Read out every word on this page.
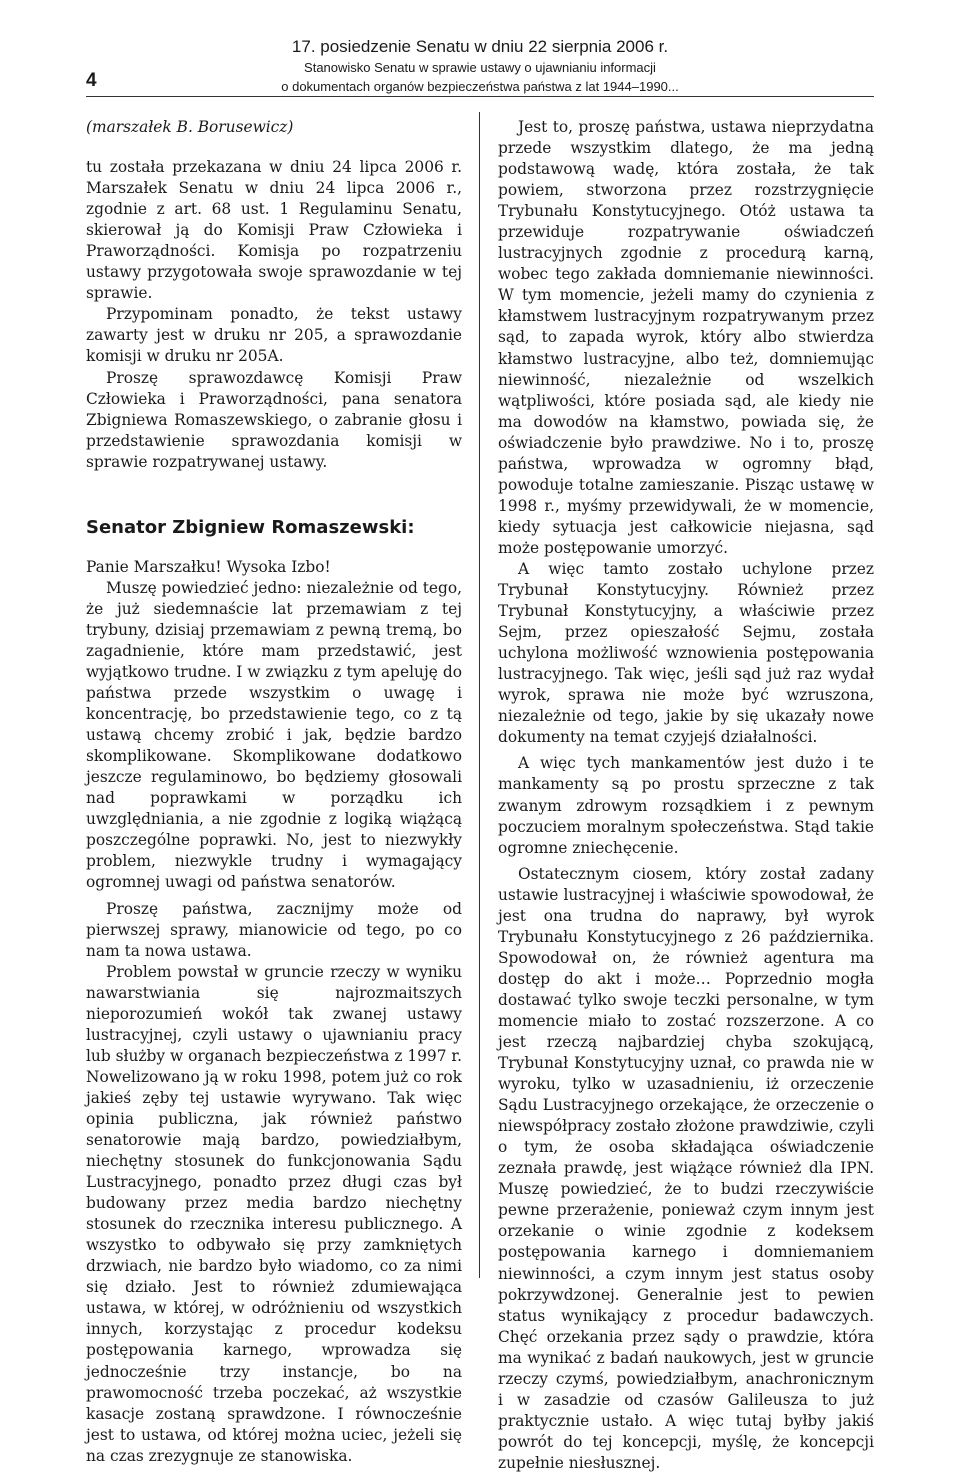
4
17. posiedzenie Senatu w dniu 22 sierpnia 2006 r.
Stanowisko Senatu w sprawie ustawy o ujawnianiu informacji
o dokumentach organów bezpieczeństwa państwa z lat 1944–1990...

(marszałek B. Borusewicz)

tu została przekazana w dniu 24 lipca 2006 r. Marszałek Senatu w dniu 24 lipca 2006 r., zgodnie z art. 68 ust. 1 Regulaminu Senatu, skierował ją do Komisji Praw Człowieka i Praworządności. Komisja po rozpatrzeniu ustawy przygotowała swoje sprawozdanie w tej sprawie.

Przypominam ponadto, że tekst ustawy zawarty jest w druku nr 205, a sprawozdanie komisji w druku nr 205A.

Proszę sprawozdawcę Komisji Praw Człowieka i Praworządności, pana senatora Zbigniewa Romaszewskiego, o zabranie głosu i przedstawienie sprawozdania komisji w sprawie rozpatrywanej ustawy.

Senator Zbigniew Romaszewski:

Panie Marszałku! Wysoka Izbo!

Muszę powiedzieć jedno: niezależnie od tego, że już siedemnaście lat przemawiam z tej trybuny, dzisiaj przemawiam z pewną tremą, bo zagadnienie, które mam przedstawić, jest wyjątkowo trudne. I w związku z tym apeluję do państwa przede wszystkim o uwagę i koncentrację, bo przedstawienie tego, co z tą ustawą chcemy zrobić i jak, będzie bardzo skomplikowane. Skomplikowane dodatkowo jeszcze regulaminowo, bo będziemy głosowali nad poprawkami w porządku ich uwzględniania, a nie zgodnie z logiką wiążącą poszczególne poprawki. No, jest to niezwykły problem, niezwykle trudny i wymagający ogromnej uwagi od państwa senatorów.

Proszę państwa, zacznijmy może od pierwszej sprawy, mianowicie od tego, po co nam ta nowa ustawa.

Problem powstał w gruncie rzeczy w wyniku nawarstwiania się najrozmaitszych nieporozumień wokół tak zwanej ustawy lustracyjnej, czyli ustawy o ujawnianiu pracy lub służby w organach bezpieczeństwa z 1997 r. Nowelizowano ją w roku 1998, potem już co rok jakieś zęby tej ustawie wyrywano. Tak więc opinia publiczna, jak również państwo senatorowie mają bardzo, powiedziałbym, niechętny stosunek do funkcjonowania Sądu Lustracyjnego, ponadto przez długi czas był budowany przez media bardzo niechętny stosunek do rzecznika interesu publicznego. A wszystko to odbywało się przy zamkniętych drzwiach, nie bardzo było wiadomo, co za nimi się działo. Jest to również zdumiewająca ustawa, w której, w odróżnieniu od wszystkich innych, korzystając z procedur kodeksu postępowania karnego, wprowadza się jednocześnie trzy instancje, bo na prawomocność trzeba poczekać, aż wszystkie kasacje zostaną sprawdzone. I równocześnie jest to ustawa, od której można uciec, jeżeli się na czas zrezygnuje ze stanowiska.

Jest to, proszę państwa, ustawa nieprzydatna przede wszystkim dlatego, że ma jedną podstawową wadę, która została, że tak powiem, stworzona przez rozstrzygnięcie Trybunału Konstytucyjnego. Otóż ustawa ta przewiduje rozpatrywanie oświadczeń lustracyjnych zgodnie z procedurą karną, wobec tego zakłada domniemanie niewinności. W tym momencie, jeżeli mamy do czynienia z kłamstwem lustracyjnym rozpatrywanym przez sąd, to zapada wyrok, który albo stwierdza kłamstwo lustracyjne, albo też, domniemując niewinność, niezależnie od wszelkich wątpliwości, które posiada sąd, ale kiedy nie ma dowodów na kłamstwo, powiada się, że oświadczenie było prawdziwe. No i to, proszę państwa, wprowadza w ogromny błąd, powoduje totalne zamieszanie. Pisząc ustawę w 1998 r., myśmy przewidywali, że w momencie, kiedy sytuacja jest całkowicie niejasna, sąd może postępowanie umorzyć.

A więc tamto zostało uchylone przez Trybunał Konstytucyjny. Również przez Trybunał Konstytucyjny, a właściwie przez Sejm, przez opieszałość Sejmu, została uchylona możliwość wznowienia postępowania lustracyjnego. Tak więc, jeśli sąd już raz wydał wyrok, sprawa nie może być wzruszona, niezależnie od tego, jakie by się ukazały nowe dokumenty na temat czyjejś działalności.

A więc tych mankamentów jest dużo i te mankamenty są po prostu sprzeczne z tak zwanym zdrowym rozsądkiem i z pewnym poczuciem moralnym społeczeństwa. Stąd takie ogromne zniechęcenie.

Ostatecznym ciosem, który został zadany ustawie lustracyjnej i właściwie spowodował, że jest ona trudna do naprawy, był wyrok Trybunału Konstytucyjnego z 26 października. Spowodował on, że również agentura ma dostęp do akt i może… Poprzednio mogła dostawać tylko swoje teczki personalne, w tym momencie miało to zostać rozszerzone. A co jest rzeczą najbardziej chyba szokującą, Trybunał Konstytucyjny uznał, co prawda nie w wyroku, tylko w uzasadnieniu, iż orzeczenie Sądu Lustracyjnego orzekające, że orzeczenie o niewspółpracy zostało złożone prawdziwie, czyli o tym, że osoba składająca oświadczenie zeznała prawdę, jest wiążące również dla IPN. Muszę powiedzieć, że to budzi rzeczywiście pewne przerażenie, ponieważ czym innym jest orzekanie o winie zgodnie z kodeksem postępowania karnego i domniemaniem niewinności, a czym innym jest status osoby pokrzywdzonej. Generalnie jest to pewien status wynikający z procedur badawczych. Chęć orzekania przez sądy o prawdzie, która ma wynikać z badań naukowych, jest w gruncie rzeczy czymś, powiedziałbym, anachronicznym i w zasadzie od czasów Galileusza to już praktycznie ustało. A więc tutaj byłby jakiś powrót do tej koncepcji, myślę, że koncepcji zupełnie niesłusznej.
